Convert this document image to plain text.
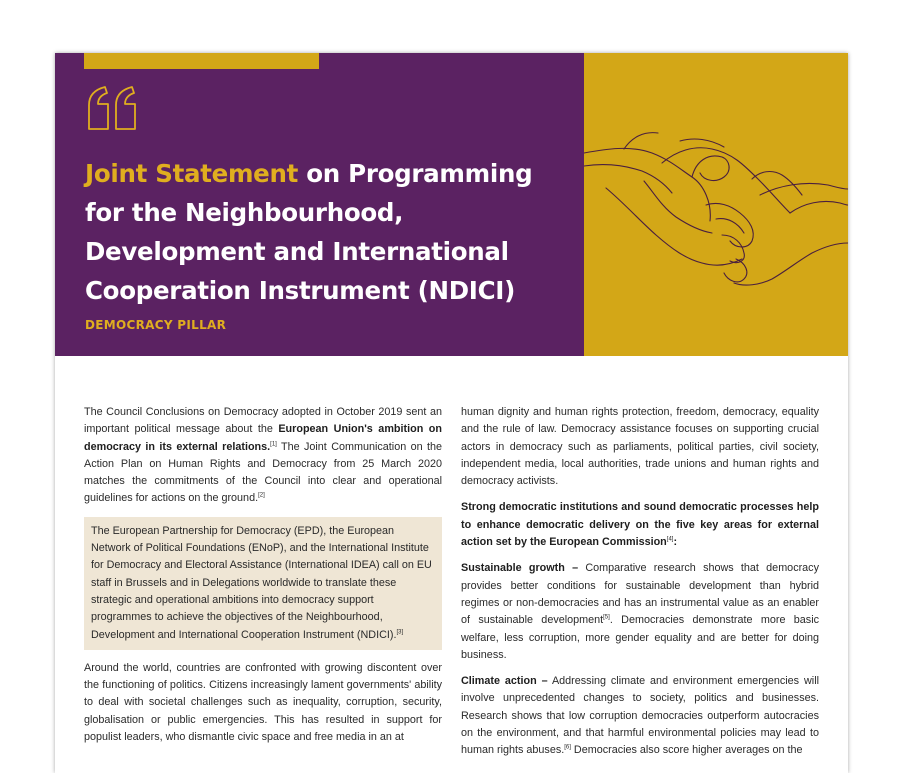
Joint Statement on Programming for the Neighbourhood, Development and International Cooperation Instrument (NDICI)
DEMOCRACY PILLAR

The Council Conclusions on Democracy adopted in October 2019 sent an important political message about the European Union's ambition on democracy in its external relations.[1] The Joint Communication on the Action Plan on Human Rights and Democracy from 25 March 2020 matches the commitments of the Council into clear and operational guidelines for actions on the ground.[2]

The European Partnership for Democracy (EPD), the European Network of Political Foundations (ENoP), and the International Institute for Democracy and Electoral Assistance (International IDEA) call on EU staff in Brussels and in Delegations worldwide to translate these strategic and operational ambitions into democracy support programmes to achieve the objectives of the Neighbourhood, Development and International Cooperation Instrument (NDICI).[3]

Around the world, countries are confronted with growing discontent over the functioning of politics. Citizens increasingly lament governments' ability to deal with societal challenges such as inequality, corruption, security, globalisation or public emergencies. This has resulted in support for populist leaders, who dismantle civic space and free media in an at

human dignity and human rights protection, freedom, democracy, equality and the rule of law. Democracy assistance focuses on supporting crucial actors in democracy such as parliaments, political parties, civil society, independent media, local authorities, trade unions and human rights and democracy activists.

Strong democratic institutions and sound democratic processes help to enhance democratic delivery on the five key areas for external action set by the European Commission[4]:

Sustainable growth – Comparative research shows that democracy provides better conditions for sustainable development than hybrid regimes or non-democracies and has an instrumental value as an enabler of sustainable development[5]. Democracies demonstrate more basic welfare, less corruption, more gender equality and are better for doing business.

Climate action – Addressing climate and environment emergencies will involve unprecedented changes to society, politics and businesses. Research shows that low corruption democracies outperform autocracies on the environment, and that harmful environmental policies may lead to human rights abuses.[6] Democracies also score higher averages on the
